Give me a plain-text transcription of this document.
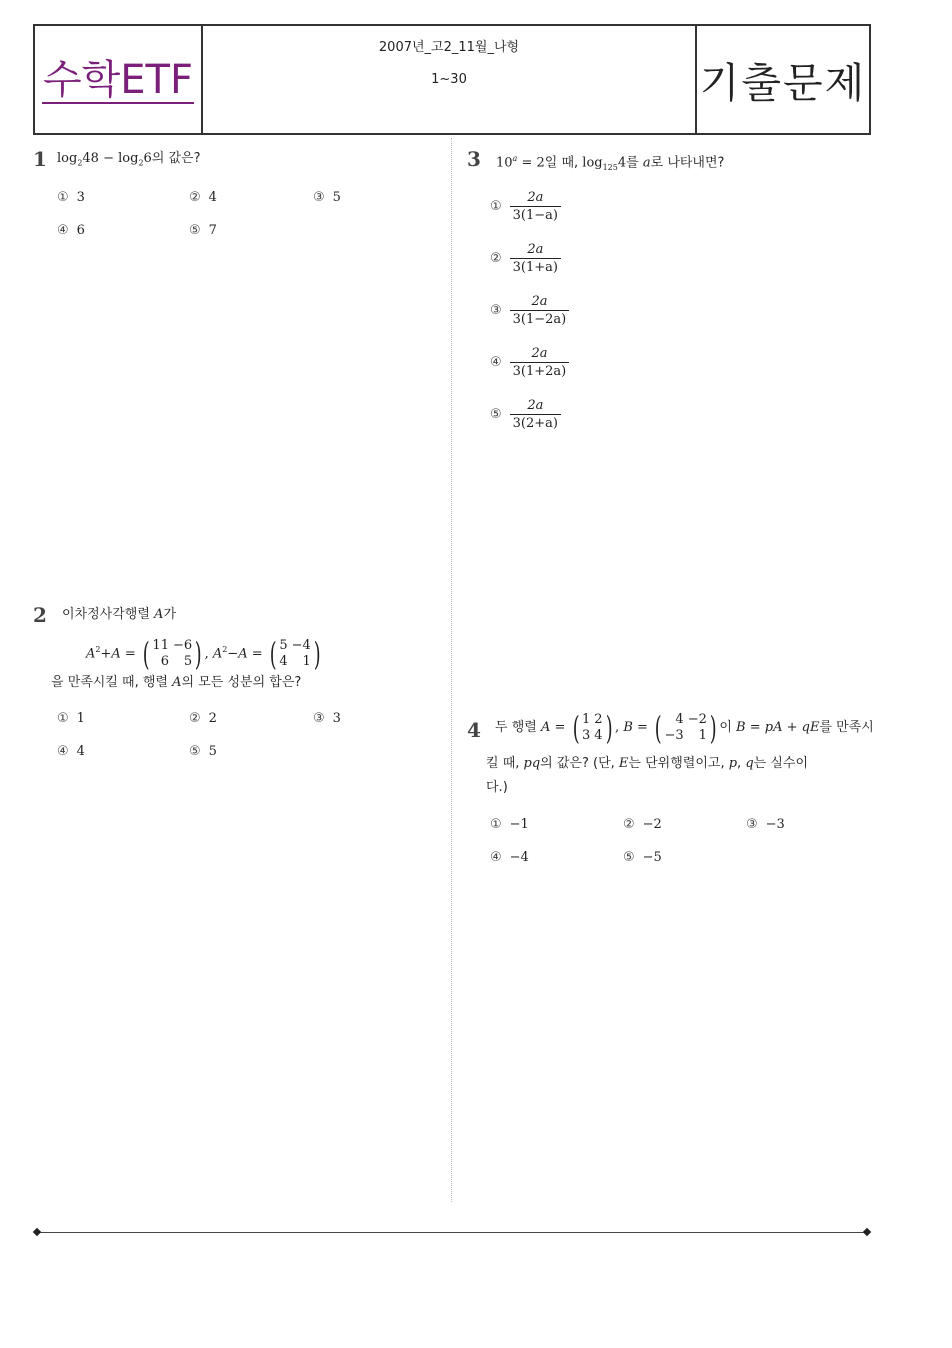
수학ETF
2007년_고2_11월_나형
1~30	기출문제
1 $\log_248 - \log_26$의 값은?
① 3	② 4	③ 5
④ 6	⑤ 7
2 이차정사각행렬 A가
$A^2+A$ = ( 11 −6
6	5 ) , $A^2-A$ = ( 5 −4
4	1 )
을 만족시킬 때, 행렬 A의 모든 성분의 합은?
① 1	② 2	③ 3
④ 4	⑤ 5
3 $10^a = 2$일 때, $\log_{125}4$를 a로 나타내면?
① $\frac{2a}{3(1-a)}$
② $\frac{2a}{3(1+a)}$
③ $\frac{2a}{3(1-2a)}$
④ $\frac{2a}{3(1+2a)}$
⑤ $\frac{2a}{3(2+a)}$
4 두 행렬 A = ( 1 2
3 4 ) , B = (	4 −2
−3	1 ) 이 B = pA + qE를 만족시
킬 때, pq의 값은? (단, E는 단위행렬이고, p, q는 실수이
다.)
① −1	② −2	③ −3
④ −4	⑤ −5
